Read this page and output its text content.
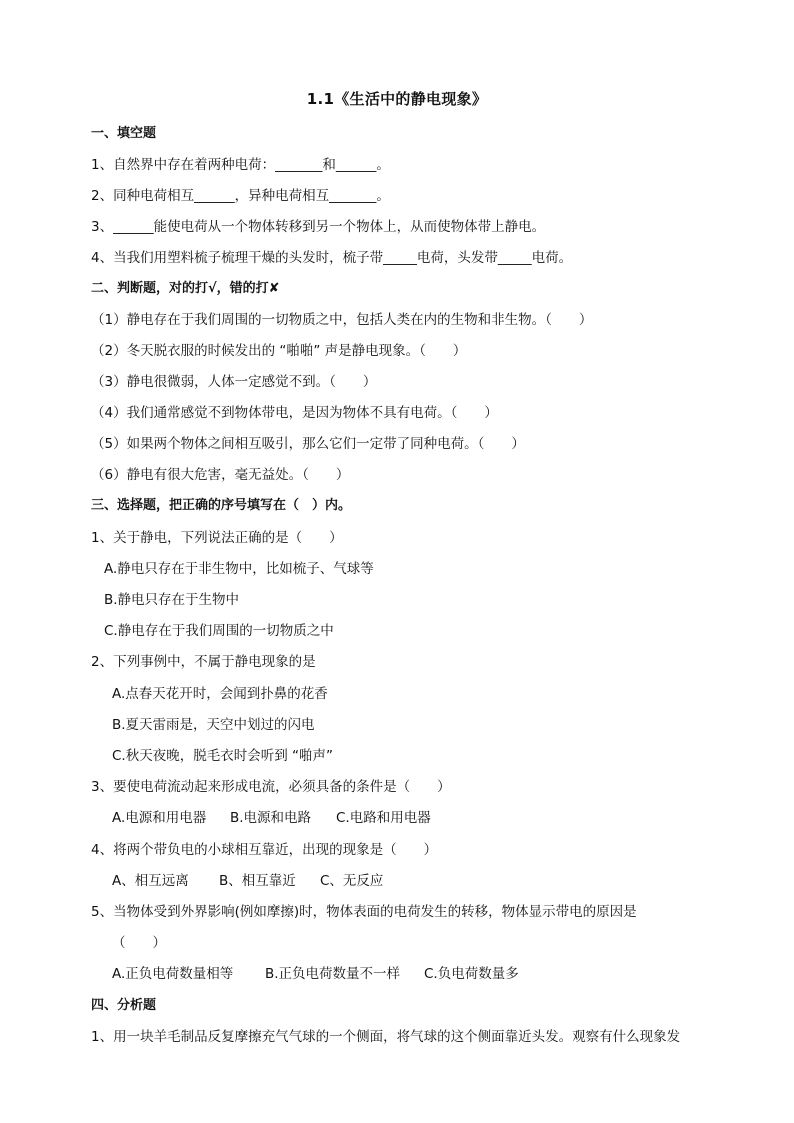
1.1《生活中的静电现象》
一、填空题
1、自然界中存在着两种电荷：_______和______。
2、同种电荷相互______，异种电荷相互_______。
3、______能使电荷从一个物体转移到另一个物体上，从而使物体带上静电。
4、当我们用塑料梳子梳理干燥的头发时，梳子带_____电荷，头发带_____电荷。
二、判断题，对的打√，错的打✘
（1）静电存在于我们周围的一切物质之中，包括人类在内的生物和非生物。（　　）
（2）冬天脱衣服的时候发出的 “啪啪” 声是静电现象。（　　）
（3）静电很微弱，人体一定感觉不到。（　　）
（4）我们通常感觉不到物体带电，是因为物体不具有电荷。（　　）
（5）如果两个物体之间相互吸引，那么它们一定带了同种电荷。（　　）
（6）静电有很大危害，毫无益处。（　　）
三、选择题，把正确的序号填写在（　）内。
1、关于静电，下列说法正确的是（　　）
A.静电只存在于非生物中，比如梳子、气球等
B.静电只存在于生物中
C.静电存在于我们周围的一切物质之中
2、下列事例中，不属于静电现象的是
A.点春天花开时，会闻到扑鼻的花香
B.夏天雷雨是，天空中划过的闪电
C.秋天夜晚，脱毛衣时会听到 “啪声”
3、要使电荷流动起来形成电流，必须具备的条件是（　　）
A.电源和用电器 B.电源和电路 C.电路和用电器
4、将两个带负电的小球相互靠近，出现的现象是（　　）
A、相互远离 B、相互靠近 C、无反应
5、当物体受到外界影响(例如摩擦)时，物体表面的电荷发生的转移，物体显示带电的原因是
（　　）
A.正负电荷数量相等 B.正负电荷数量不一样 C.负电荷数量多
四、分析题
1、用一块羊毛制品反复摩擦充气气球的一个侧面，将气球的这个侧面靠近头发。观察有什么现象发
